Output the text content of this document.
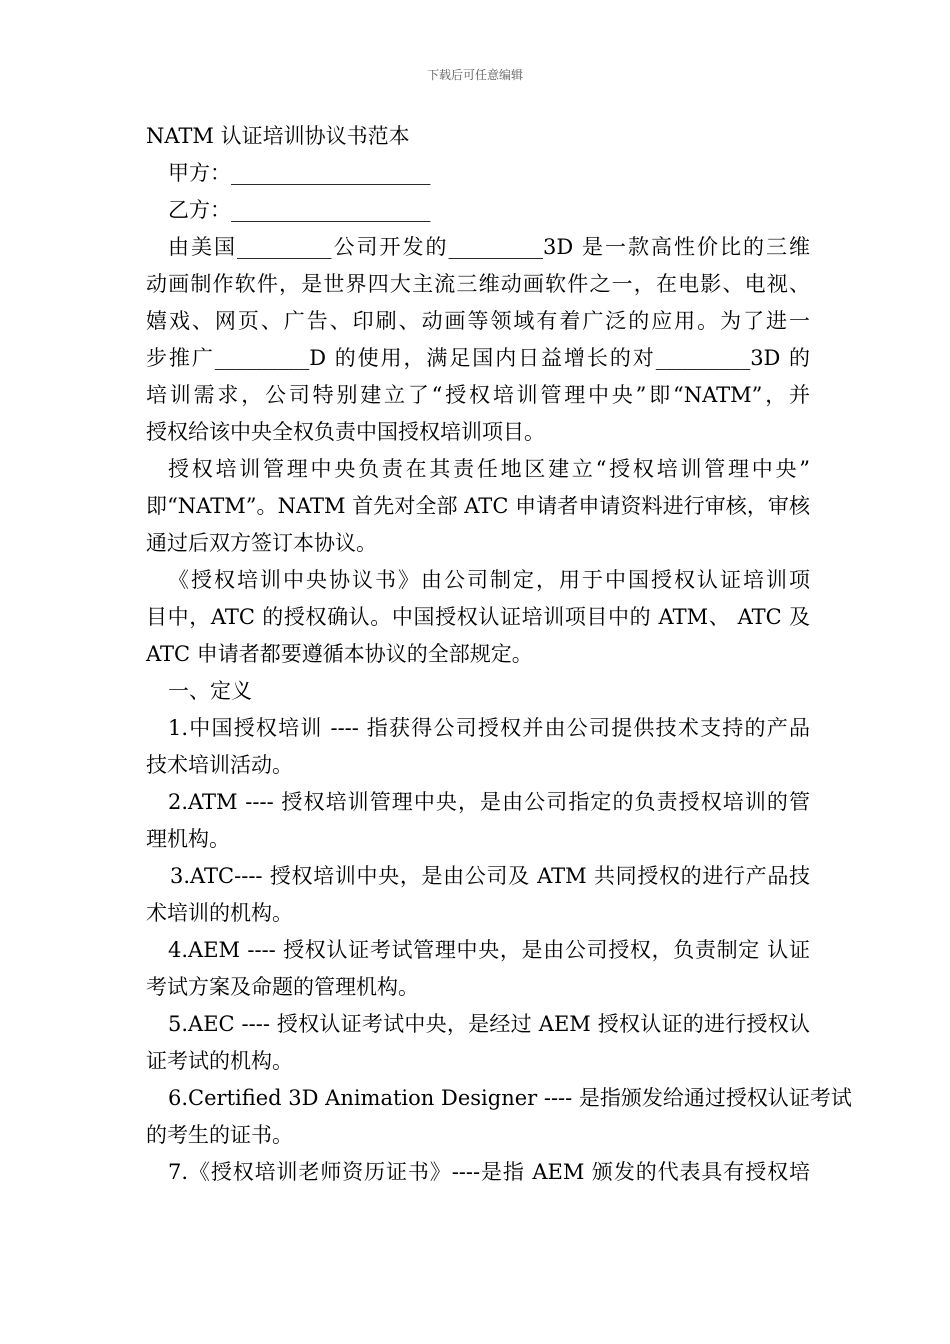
下载后可任意编辑
NATM 认证培训协议书范本
甲方：___________________
乙方：___________________
由美国_________公司开发的_________3D 是一款高性价比的三维
动画制作软件，是世界四大主流三维动画软件之一，在电影、电视、
嬉戏、网页、广告、印刷、动画等领域有着广泛的应用。为了进一
步推广_________D 的使用，满足国内日益增长的对_________3D 的
培训需求，公司特别建立了“授权培训管理中央”即“NATM”，并
授权给该中央全权负责中国授权培训项目。
授权培训管理中央负责在其责任地区建立“授权培训管理中央”
即“NATM”。NATM 首先对全部 ATC 申请者申请资料进行审核，审核
通过后双方签订本协议。
《授权培训中央协议书》由公司制定，用于中国授权认证培训项
目中，ATC 的授权确认。中国授权认证培训项目中的 ATM、 ATC 及
ATC 申请者都要遵循本协议的全部规定。
一、定义
1.中国授权培训 ---- 指获得公司授权并由公司提供技术支持的产品
技术培训活动。
2.ATM ---- 授权培训管理中央，是由公司指定的负责授权培训的管
理机构。
3.ATC---- 授权培训中央，是由公司及 ATM 共同授权的进行产品技
术培训的机构。
4.AEM ---- 授权认证考试管理中央，是由公司授权，负责制定 认证
考试方案及命题的管理机构。
5.AEC ---- 授权认证考试中央，是经过 AEM 授权认证的进行授权认
证考试的机构。
6.Certified 3D Animation Designer ---- 是指颁发给通过授权认证考试
的考生的证书。
7.《授权培训老师资历证书》----是指 AEM 颁发的代表具有授权培
